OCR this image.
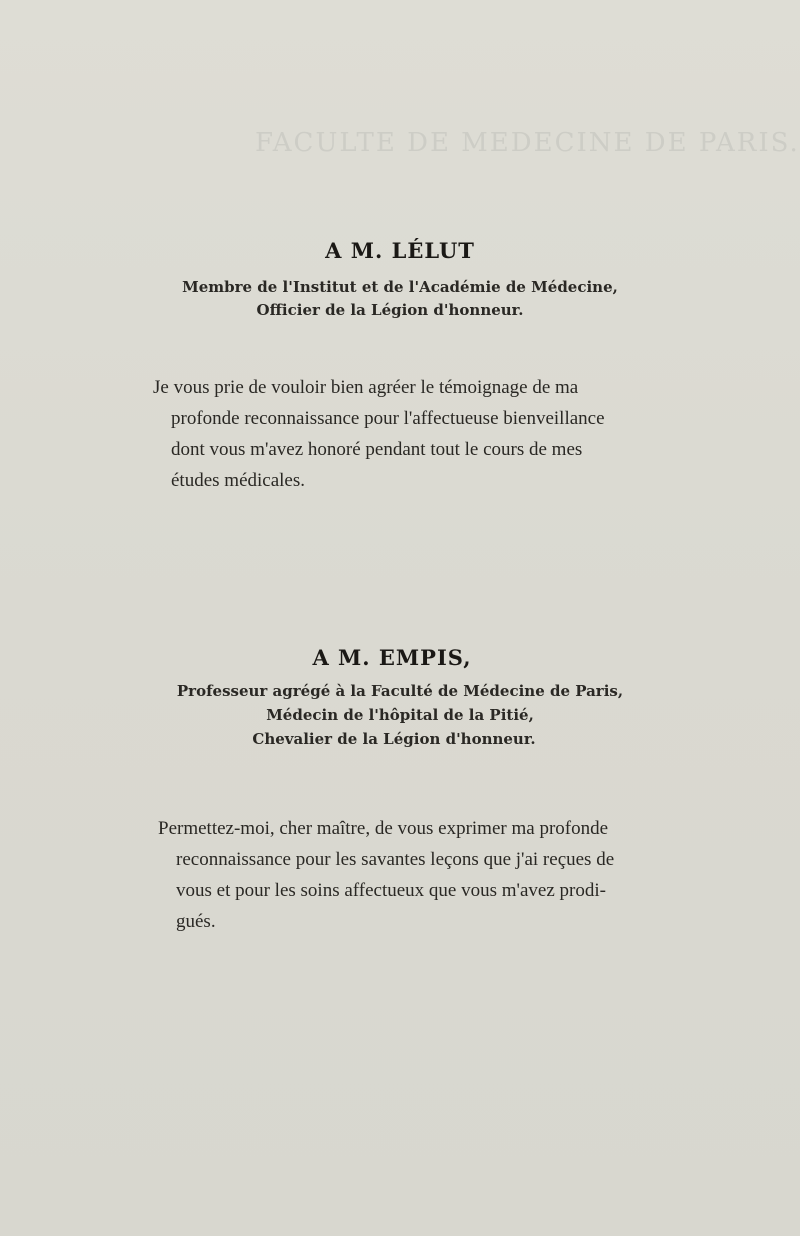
FACULTE DE MEDECINE DE PARIS.
A M. LÉLUT
Membre de l'Institut et de l'Académie de Médecine,
Officier de la Légion d'honneur.
Je vous prie de vouloir bien agréer le témoignage de ma
profonde reconnaissance pour l'affectueuse bienveillance
dont vous m'avez honoré pendant tout le cours de mes
études médicales.
A M. EMPIS,
Professeur agrégé à la Faculté de Médecine de Paris,
Médecin de l'hôpital de la Pitié,
Chevalier de la Légion d'honneur.
Permettez-moi, cher maître, de vous exprimer ma profonde
reconnaissance pour les savantes leçons que j'ai reçues de
vous et pour les soins affectueux que vous m'avez prodi-
gués.
